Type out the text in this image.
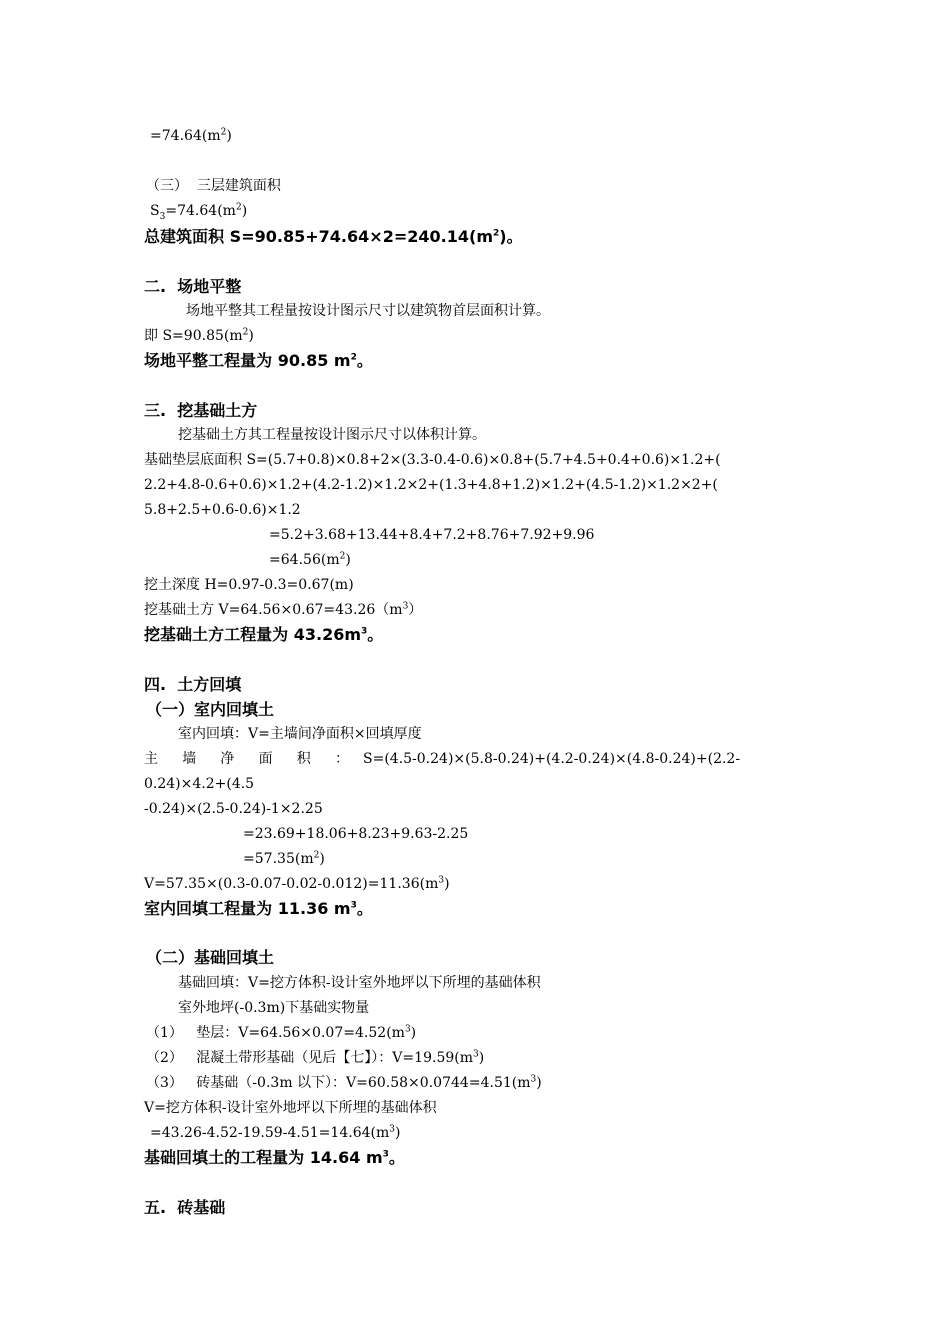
$=74.64(m^2)$
（三）  三层建筑面积
$S_3=74.64(m^2)$
总建筑面积 $S=90.85+74.64\times 2=240.14(m^2)$。
二.  场地平整
场地平整其工程量按设计图示尺寸以建筑物首层面积计算。
即 $S=90.85(m^2)$
场地平整工程量为 90.85 $m^2$。
三.  挖基础土方
挖基础土方其工程量按设计图示尺寸以体积计算。
基础垫层底面积 S=(5.7+0.8)×0.8+2×(3.3-0.4-0.6)×0.8+(5.7+4.5+0.4+0.6)×1.2+(
2.2+4.8-0.6+0.6)×1.2+(4.2-1.2)×1.2×2+(1.3+4.8+1.2)×1.2+(4.5-1.2)×1.2×2+(
5.8+2.5+0.6-0.6)×1.2
=5.2+3.68+13.44+8.4+7.2+8.76+7.92+9.96
$=64.56(m^2)$
挖土深度 H=0.97-0.3=0.67(m)
挖基础土方 $V=64.56\times 0.67=43.26(m^3)$
挖基础土方工程量为 $43.26m^3$。
四.  土方回填
（一）室内回填土
室内回填：V=主墙间净面积×回填厚度
主 墙 净 面 积 ： S=(4.5-0.24)×(5.8-0.24)+(4.2-0.24)×(4.8-0.24)+(2.2-
0.24)×4.2+(4.5
-0.24)×(2.5-0.24)-1×2.25
=23.69+18.06+8.23+9.63-2.25
$=57.35(m^2)$
$V=57.35\times(0.3-0.07-0.02-0.012)=11.36(m^3)$
室内回填工程量为 11.36 $m^3$。
（二）基础回填土
基础回填：V=挖方体积-设计室外地坪以下所埋的基础体积
室外地坪(-0.3m)下基础实物量
（1） 垫层：$V=64.56\times 0.07=4.52(m^3)$
（2） 混凝土带形基础（见后【七】）：$V=19.59(m^3)$
（3） 砖基础（-0.3m 以下）：$V=60.58\times 0.0744=4.51(m^3)$
V=挖方体积-设计室外地坪以下所埋的基础体积
$=43.26-4.52-19.59-4.51=14.64(m^3)$
基础回填土的工程量为 14.64 $m^3$。
五.  砖基础
